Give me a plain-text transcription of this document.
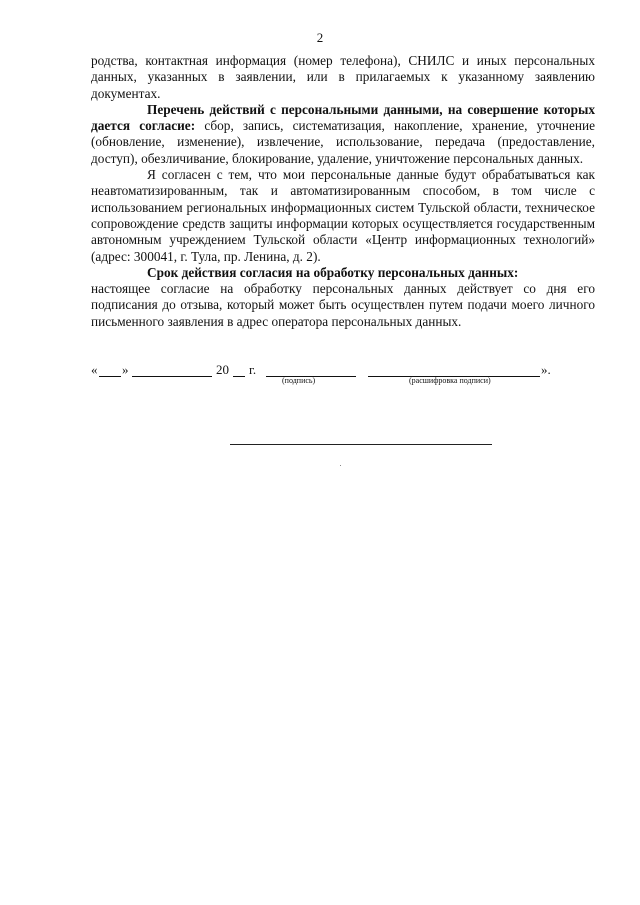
2

родства, контактная информация (номер телефона), СНИЛС и иных персональных данных, указанных в заявлении, или в прилагаемых к указанному заявлению документах.

Перечень действий с персональными данными, на совершение которых дается согласие: сбор, запись, систематизация, накопление, хранение, уточнение (обновление, изменение), извлечение, использование, передача (предоставление, доступ), обезличивание, блокирование, удаление, уничтожение персональных данных.

Я согласен с тем, что мои персональные данные будут обрабатываться как неавтоматизированным, так и автоматизированным способом, в том числе с использованием региональных информационных систем Тульской области, техническое сопровождение средств защиты информации которых осуществляется государственным автономным учреждением Тульской области «Центр информационных технологий» (адрес: 300041, г. Тула, пр. Ленина, д. 2).

Срок действия согласия на обработку персональных данных:

настоящее согласие на обработку персональных данных действует со дня его подписания до отзыва, который может быть осуществлен путем подачи моего личного письменного заявления в адрес оператора персональных данных.

« »	20 г.	».
(подпись)	(расшифровка подписи)
